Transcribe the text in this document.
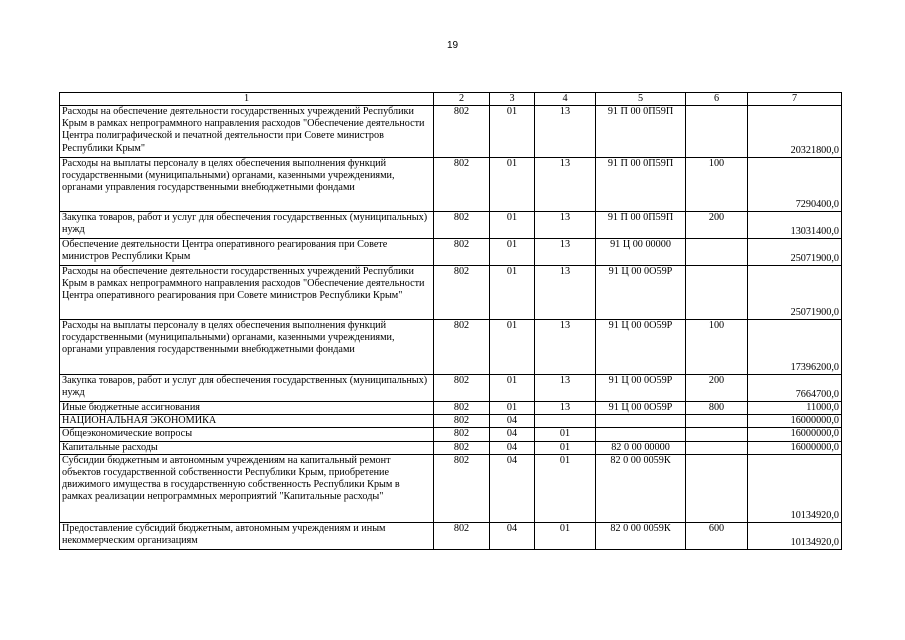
19
1	2	3	4	5	6	7
Расходы на обеспечение деятельности государственных учреждений Республики Крым в рамках непрограммного направления расходов "Обеспечение деятельности Центра полиграфической и печатной деятельности при Совете министров Республики Крым"	802	01	13	91 П 00 0П59П		20321800,0
Расходы на выплаты персоналу в целях обеспечения выполнения функций государственными (муниципальными) органами, казенными учреждениями, органами управления государственными внебюджетными фондами	802	01	13	91 П 00 0П59П	100	7290400,0
Закупка товаров, работ и услуг для обеспечения государственных (муниципальных) нужд	802	01	13	91 П 00 0П59П	200	13031400,0
Обеспечение деятельности Центра оперативного реагирования при Совете министров Республики Крым	802	01	13	91 Ц 00 00000		25071900,0
Расходы на обеспечение деятельности государственных учреждений Республики Крым в рамках непрограммного направления расходов "Обеспечение деятельности Центра оперативного реагирования при Совете министров Республики Крым"	802	01	13	91 Ц 00 0О59Р		25071900,0
Расходы на выплаты персоналу в целях обеспечения выполнения функций государственными (муниципальными) органами, казенными учреждениями, органами управления государственными внебюджетными фондами	802	01	13	91 Ц 00 0О59Р	100	17396200,0
Закупка товаров, работ и услуг для обеспечения государственных (муниципальных) нужд	802	01	13	91 Ц 00 0О59Р	200	7664700,0
Иные бюджетные ассигнования	802	01	13	91 Ц 00 0О59Р	800	11000,0
НАЦИОНАЛЬНАЯ ЭКОНОМИКА	802	04				16000000,0
Общеэкономические вопросы	802	04	01			16000000,0
Капитальные расходы	802	04	01	82 0 00 00000		16000000,0
Субсидии бюджетным и автономным учреждениям на капитальный ремонт объектов государственной собственности Республики Крым, приобретение движимого имущества в государственную собственность Республики Крым в рамках реализации непрограммных мероприятий "Капитальные расходы"	802	04	01	82 0 00 0059К		10134920,0
Предоставление субсидий бюджетным, автономным учреждениям и иным некоммерческим организациям	802	04	01	82 0 00 0059К	600	10134920,0
